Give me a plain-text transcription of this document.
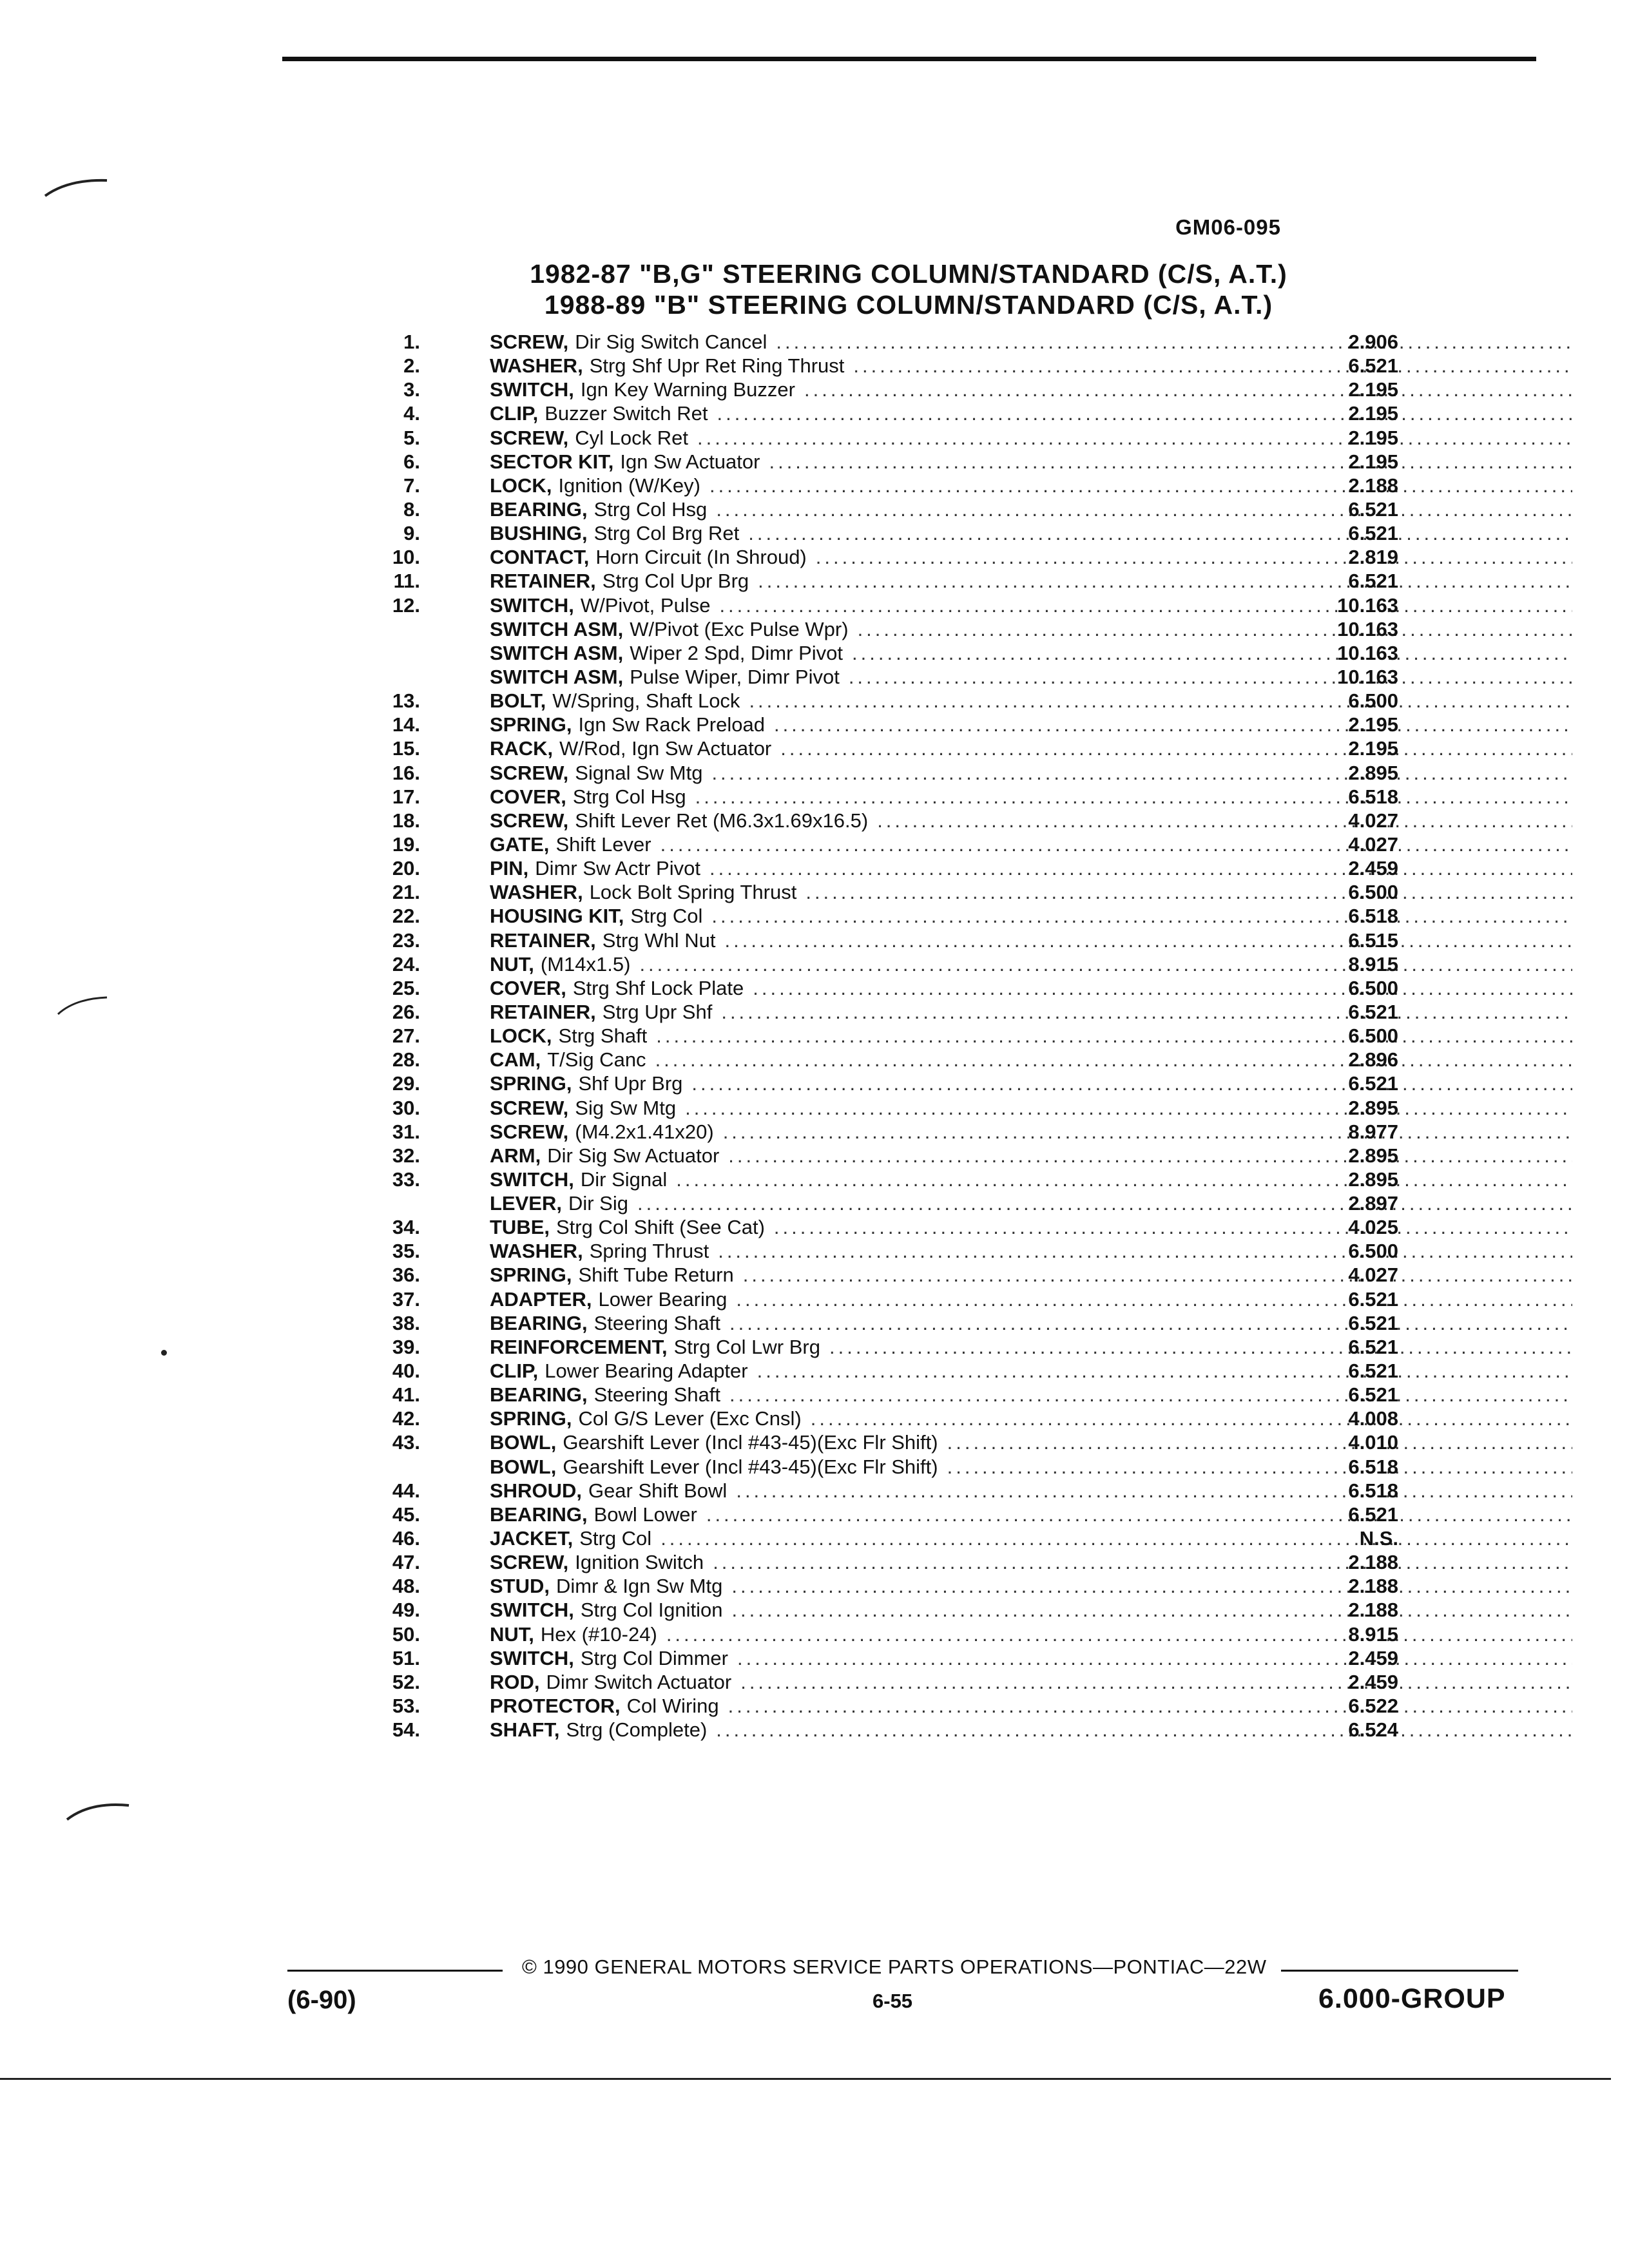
GM06-095
1982-87 "B,G" STEERING COLUMN/STANDARD (C/S, A.T.)
1988-89 "B" STEERING COLUMN/STANDARD (C/S, A.T.)
1.	SCREW, Dir Sig Switch Cancel .....	2.906
2.	WASHER, Strg Shf Upr Ret Ring Thrust .....	6.521
3.	SWITCH, Ign Key Warning Buzzer .....	2.195
4.	CLIP, Buzzer Switch Ret .....	2.195
5.	SCREW, Cyl Lock Ret .....	2.195
6.	SECTOR KIT, Ign Sw Actuator .....	2.195
7.	LOCK, Ignition (W/Key) .....	2.188
8.	BEARING, Strg Col Hsg .....	6.521
9.	BUSHING, Strg Col Brg Ret .....	6.521
10.	CONTACT, Horn Circuit (In Shroud) .....	2.819
11.	RETAINER, Strg Col Upr Brg .....	6.521
12.	SWITCH, W/Pivot, Pulse .....	10.163
SWITCH ASM, W/Pivot (Exc Pulse Wpr) .....	10.163
SWITCH ASM, Wiper 2 Spd, Dimr Pivot .....	10.163
SWITCH ASM, Pulse Wiper, Dimr Pivot .....	10.163
13.	BOLT, W/Spring, Shaft Lock .....	6.500
14.	SPRING, Ign Sw Rack Preload .....	2.195
15.	RACK, W/Rod, Ign Sw Actuator .....	2.195
16.	SCREW, Signal Sw Mtg .....	2.895
17.	COVER, Strg Col Hsg .....	6.518
18.	SCREW, Shift Lever Ret (M6.3x1.69x16.5) .....	4.027
19.	GATE, Shift Lever .....	4.027
20.	PIN, Dimr Sw Actr Pivot .....	2.459
21.	WASHER, Lock Bolt Spring Thrust .....	6.500
22.	HOUSING KIT, Strg Col .....	6.518
23.	RETAINER, Strg Whl Nut .....	6.515
24.	NUT, (M14x1.5) .....	8.915
25.	COVER, Strg Shf Lock Plate .....	6.500
26.	RETAINER, Strg Upr Shf .....	6.521
27.	LOCK, Strg Shaft .....	6.500
28.	CAM, T/Sig Canc .....	2.896
29.	SPRING, Shf Upr Brg .....	6.521
30.	SCREW, Sig Sw Mtg .....	2.895
31.	SCREW, (M4.2x1.41x20) .....	8.977
32.	ARM, Dir Sig Sw Actuator .....	2.895
33.	SWITCH, Dir Signal .....	2.895
LEVER, Dir Sig .....	2.897
34.	TUBE, Strg Col Shift (See Cat) .....	4.025
35.	WASHER, Spring Thrust .....	6.500
36.	SPRING, Shift Tube Return .....	4.027
37.	ADAPTER, Lower Bearing .....	6.521
38.	BEARING, Steering Shaft .....	6.521
39.	REINFORCEMENT, Strg Col Lwr Brg .....	6.521
40.	CLIP, Lower Bearing Adapter .....	6.521
41.	BEARING, Steering Shaft .....	6.521
42.	SPRING, Col G/S Lever (Exc Cnsl) .....	4.008
43.	BOWL, Gearshift Lever (Incl #43-45)(Exc Flr Shift) .....	4.010
BOWL, Gearshift Lever (Incl #43-45)(Exc Flr Shift) .....	6.518
44.	SHROUD, Gear Shift Bowl .....	6.518
45.	BEARING, Bowl Lower .....	6.521
46.	JACKET, Strg Col .....	N.S.
47.	SCREW, Ignition Switch .....	2.188
48.	STUD, Dimr & Ign Sw Mtg .....	2.188
49.	SWITCH, Strg Col Ignition .....	2.188
50.	NUT, Hex (#10-24) .....	8.915
51.	SWITCH, Strg Col Dimmer .....	2.459
52.	ROD, Dimr Switch Actuator .....	2.459
53.	PROTECTOR, Col Wiring .....	6.522
54.	SHAFT, Strg (Complete) .....	6.524
© 1990 GENERAL MOTORS SERVICE PARTS OPERATIONS—PONTIAC—22W
(6-90)	6-55	6.000-GROUP
